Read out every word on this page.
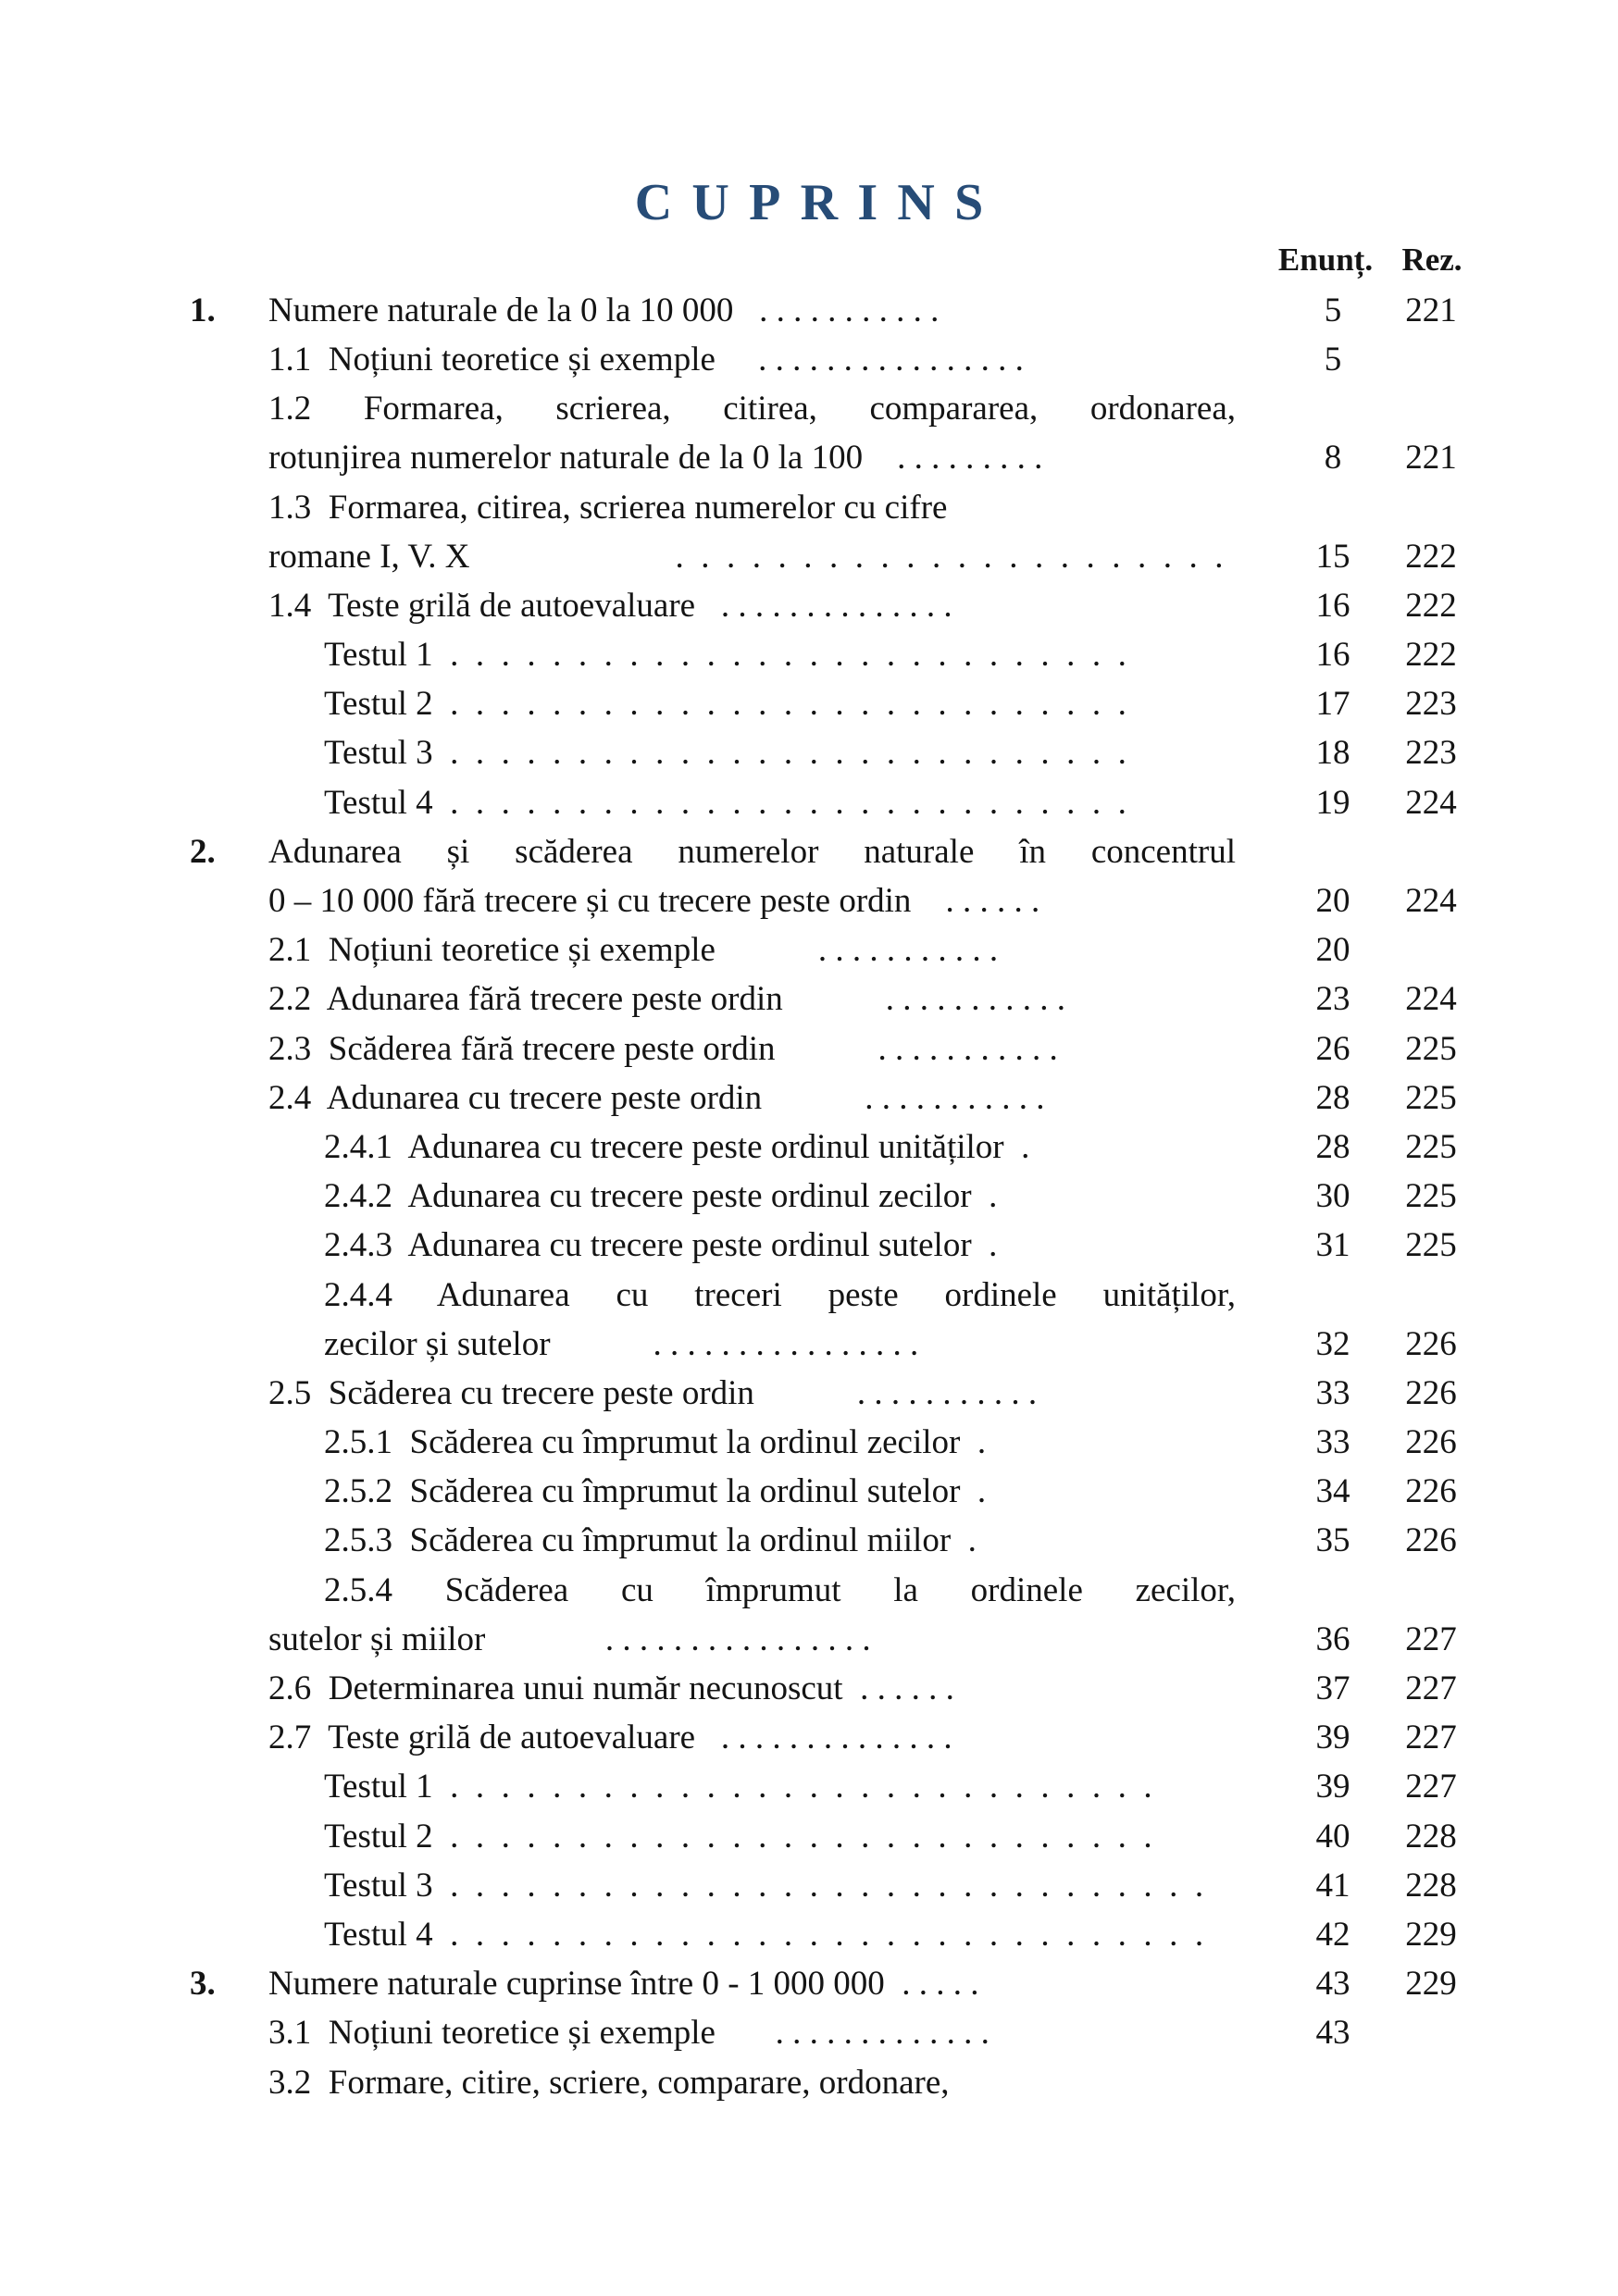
CUPRINS
Enunț. Rez.
1. Numere naturale de la 0 la 10 000   . . . . . . . . . . .	5	221
1.1  Noțiuni teoretice și exemple     . . . . . . . . . . . . . . . .	5
1.2 Formarea, scrierea, citirea, compararea, ordonarea,
rotunjirea numerelor naturale de la 0 la 100    . . . . . . . . .	8	221
1.3  Formarea, citirea, scrierea numerelor cu cifre
romane I, V. X                        .  .  .  .  .  .  .  .  .  .  .  .  .  .  .  .  .  .  .  .  .  .	15	222
1.4  Teste grilă de autoevaluare   . . . . . . . . . . . . . .	16	222
Testul 1  .  .  .  .  .  .  .  .  .  .  .  .  .  .  .  .  .  .  .  .  .  .  .  .  .  .  .	16	222
Testul 2  .  .  .  .  .  .  .  .  .  .  .  .  .  .  .  .  .  .  .  .  .  .  .  .  .  .  .	17	223
Testul 3  .  .  .  .  .  .  .  .  .  .  .  .  .  .  .  .  .  .  .  .  .  .  .  .  .  .  .	18	223
Testul 4  .  .  .  .  .  .  .  .  .  .  .  .  .  .  .  .  .  .  .  .  .  .  .  .  .  .  .	19	224
2. Adunarea și scăderea numerelor naturale în concentrul
0 – 10 000 fără trecere și cu trecere peste ordin    . . . . . .	20	224
2.1  Noțiuni teoretice și exemple            . . . . . . . . . . .	20
2.2  Adunarea fără trecere peste ordin            . . . . . . . . . . .	23	224
2.3  Scăderea fără trecere peste ordin            . . . . . . . . . . .	26	225
2.4  Adunarea cu trecere peste ordin            . . . . . . . . . . .	28	225
2.4.1  Adunarea cu trecere peste ordinul unităților  .	28	225
2.4.2  Adunarea cu trecere peste ordinul zecilor  .	30	225
2.4.3  Adunarea cu trecere peste ordinul sutelor  .	31	225
2.4.4 Adunarea cu treceri peste ordinele unităților,
zecilor și sutelor            . . . . . . . . . . . . . . . .	32	226
2.5  Scăderea cu trecere peste ordin            . . . . . . . . . . .	33	226
2.5.1  Scăderea cu împrumut la ordinul zecilor  .	33	226
2.5.2  Scăderea cu împrumut la ordinul sutelor  .	34	226
2.5.3  Scăderea cu împrumut la ordinul miilor  .	35	226
2.5.4 Scăderea cu împrumut la ordinele zecilor,
sutelor și miilor              . . . . . . . . . . . . . . . .	36	227
2.6  Determinarea unui număr necunoscut  . . . . . .	37	227
2.7  Teste grilă de autoevaluare   . . . . . . . . . . . . . .	39	227
Testul 1  .  .  .  .  .  .  .  .  .  .  .  .  .  .  .  .  .  .  .  .  .  .  .  .  .  .  .  .	39	227
Testul 2  .  .  .  .  .  .  .  .  .  .  .  .  .  .  .  .  .  .  .  .  .  .  .  .  .  .  .  .	40	228
Testul 3  .  .  .  .  .  .  .  .  .  .  .  .  .  .  .  .  .  .  .  .  .  .  .  .  .  .  .  .  .  .	41	228
Testul 4  .  .  .  .  .  .  .  .  .  .  .  .  .  .  .  .  .  .  .  .  .  .  .  .  .  .  .  .  .  .	42	229
3. Numere naturale cuprinse între 0 - 1 000 000  . . . . .	43	229
3.1  Noțiuni teoretice și exemple       . . . . . . . . . . . . .	43
3.2  Formare, citire, scriere, comparare, ordonare,
